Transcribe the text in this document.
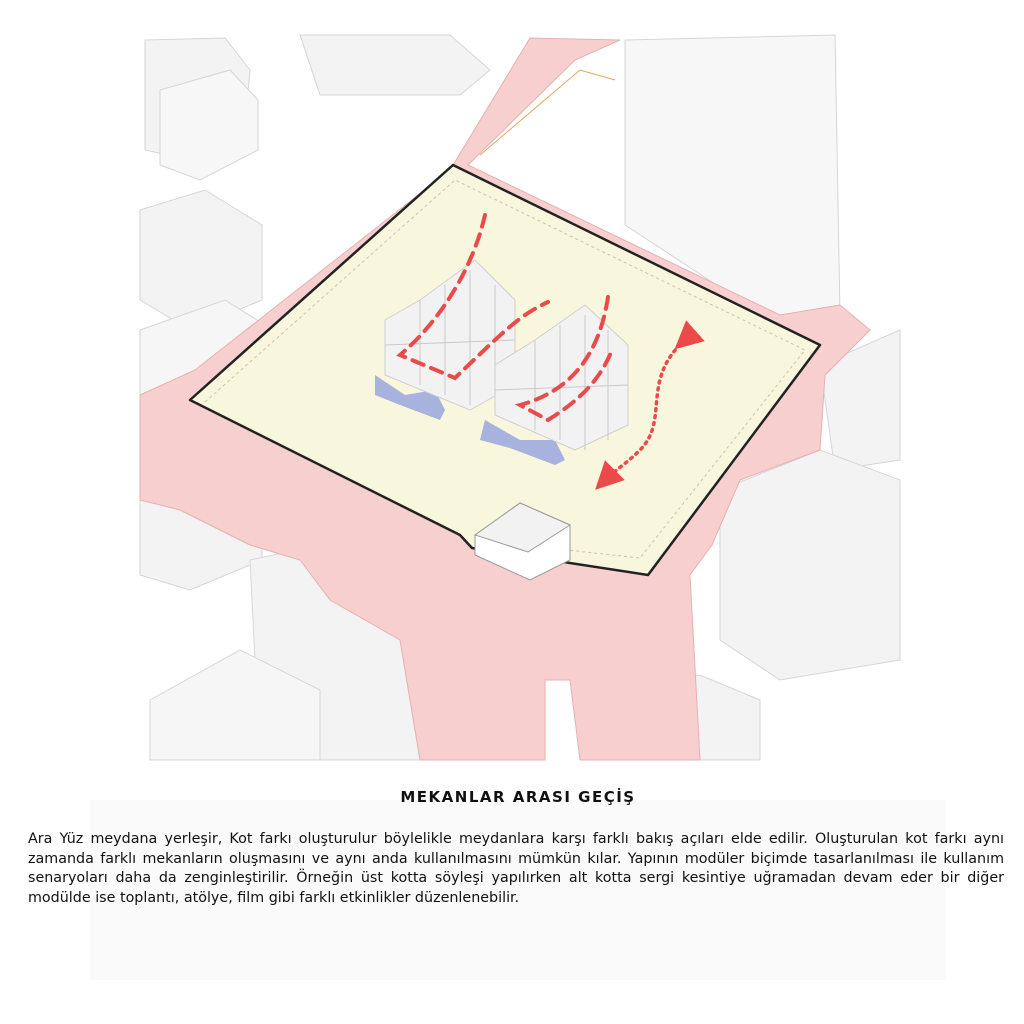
MEKANLAR ARASI GEÇİŞ
Ara Yüz meydana yerleşir, Kot farkı oluşturulur böylelikle meydanlara karşı farklı bakış açıları elde edilir. Oluşturulan kot farkı aynı zamanda farklı mekanların oluşmasını ve aynı anda kullanılmasını mümkün kılar. Yapının modüler biçimde tasarlanılması ile kullanım senaryoları daha da zenginleştirilir. Örneğin üst kotta söyleşi yapılırken alt kotta sergi kesintiye uğramadan devam eder bir diğer modülde ise toplantı, atölye, film gibi farklı etkinlikler düzenlenebilir.
